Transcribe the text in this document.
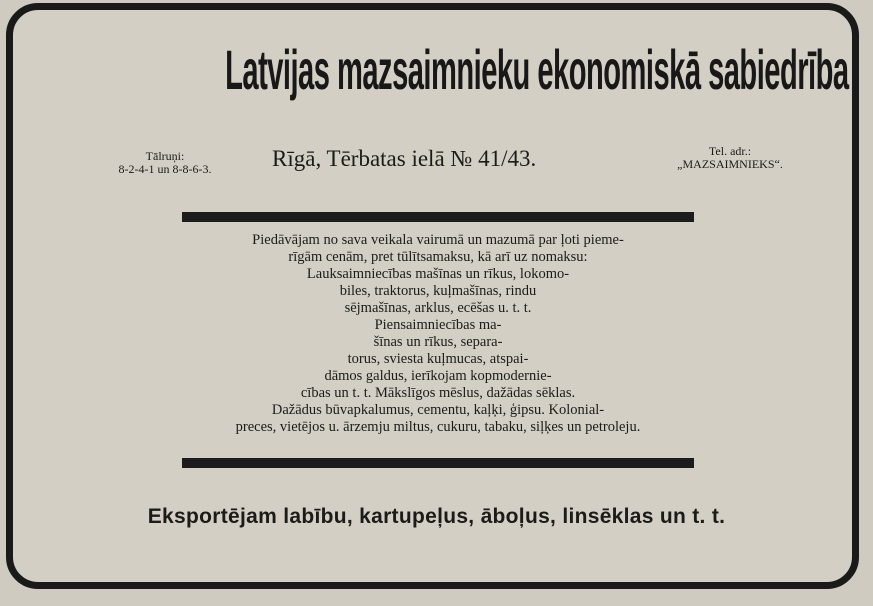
Latvijas mazsaimnieku ekonomiskā sabiedrība
Tālruņi:
8-2-4-1 un 8-8-6-3.	Rīgā, Tērbatas ielā № 41/43.	Tel. adr.:
„MAZSAIMNIEKS“.
Piedāvājam no sava veikala vairumā un mazumā par ļoti pieme-
rīgām cenām, pret tūlītsamaksu, kā arī uz nomaksu:
Lauksaimniecības mašīnas un rīkus, lokomo-
biles, traktorus, kuļmašīnas, rindu
sējmašīnas, arklus, ecēšas u. t. t.
Piensaimniecības ma-
šīnas un rīkus, separa-
torus, sviesta kuļmucas, atspai-
dāmos galdus, ierīkojam kopmodernie-
cības un t. t. Mākslīgos mēslus, dažādas sēklas.
Dažādus būvapkalumus, cementu, kaļķi, ģipsu. Kolonial-
preces, vietējos u. ārzemju miltus, cukuru, tabaku, siļķes un petroleju.
Eksportējam labību, kartupeļus, āboļus, linsēklas un t. t.
